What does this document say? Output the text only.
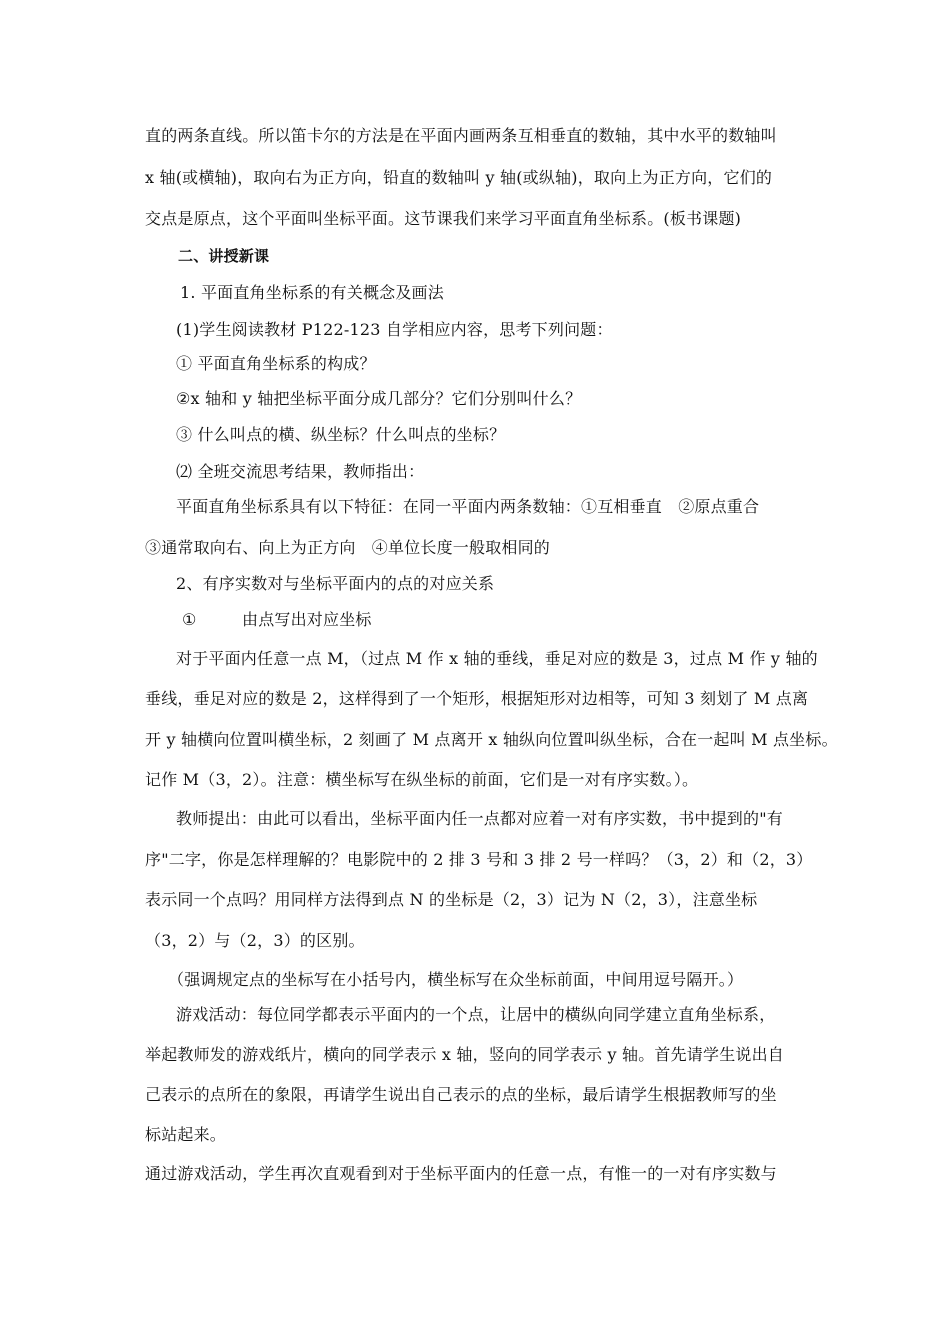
直的两条直线。所以笛卡尔的方法是在平面内画两条互相垂直的数轴，其中水平的数轴叫
x 轴(或横轴)，取向右为正方向，铅直的数轴叫 y 轴(或纵轴)，取向上为正方向，它们的
交点是原点，这个平面叫坐标平面。这节课我们来学习平面直角坐标系。(板书课题)
二、讲授新课
1. 平面直角坐标系的有关概念及画法
(1)学生阅读教材 P122-123 自学相应内容，思考下列问题：
① 平面直角坐标系的构成？
②x 轴和 y 轴把坐标平面分成几部分？它们分别叫什么？
③ 什么叫点的横、纵坐标？什么叫点的坐标？
⑵ 全班交流思考结果，教师指出：
平面直角坐标系具有以下特征：在同一平面内两条数轴：①互相垂直　②原点重合
③通常取向右、向上为正方向　④单位长度一般取相同的
2、有序实数对与坐标平面内的点的对应关系
①	由点写出对应坐标
对于平面内任意一点 M，（过点 M 作 x 轴的垂线，垂足对应的数是 3，过点 M 作 y 轴的
垂线，垂足对应的数是 2，这样得到了一个矩形，根据矩形对边相等，可知 3 刻划了 M 点离
开 y 轴横向位置叫横坐标，2 刻画了 M 点离开 x 轴纵向位置叫纵坐标，合在一起叫 M 点坐标。
记作 M（3，2）。注意：横坐标写在纵坐标的前面，它们是一对有序实数。）。
教师提出：由此可以看出，坐标平面内任一点都对应着一对有序实数，书中提到的"有
序"二字，你是怎样理解的？电影院中的 2 排 3 号和 3 排 2 号一样吗？（3，2）和（2，3）
表示同一个点吗？用同样方法得到点 N 的坐标是（2，3）记为 N（2，3），注意坐标
（3，2）与（2，3）的区别。
（强调规定点的坐标写在小括号内，横坐标写在众坐标前面，中间用逗号隔开。）
游戏活动：每位同学都表示平面内的一个点，让居中的横纵向同学建立直角坐标系，
举起教师发的游戏纸片，横向的同学表示 x 轴，竖向的同学表示 y 轴。首先请学生说出自
己表示的点所在的象限，再请学生说出自己表示的点的坐标，最后请学生根据教师写的坐
标站起来。
通过游戏活动，学生再次直观看到对于坐标平面内的任意一点，有惟一的一对有序实数与
